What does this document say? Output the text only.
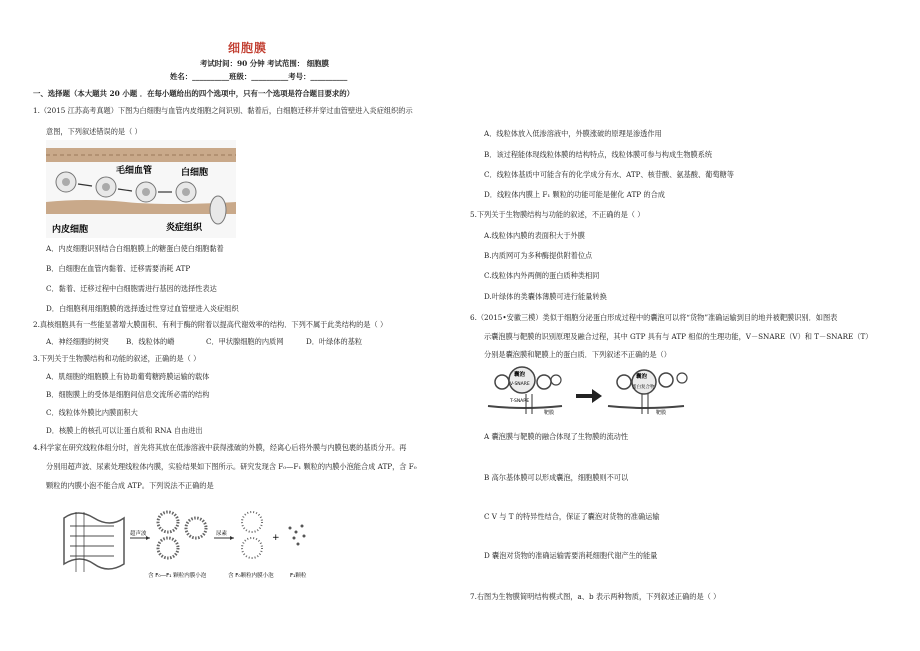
细胞膜
考试时间：90 分钟 考试范围： 细胞膜
姓名：__________班级：__________考号：__________
一、选择题（本大题共 20 小题 ．在每小题给出的四个选项中，只有一个选项是符合题目要求的）
1.（2015 江苏高考真题）下图为白细胞与血管内皮细胞之间识别、黏着后，白细胞迁移并穿过血管壁进入炎症组织的示
意图，下列叙述错误的是（ ）
毛细血管	白细胞
内皮细胞	炎症组织
A．内皮细胞识别结合白细胞膜上的糖蛋白使白细胞黏着
B．白细胞在血管内黏着、迁移需要消耗 ATP
C．黏着、迁移过程中白细胞需进行基因的选择性表达
D．白细胞利用细胞膜的选择透过性穿过血管壁进入炎症组织
2.真核细胞具有一些能显著增大膜面积、有利于酶的附着以提高代谢效率的结构．下列不属于此类结构的是（ ）
A．神经细胞的树突 B．线粒体的嵴	C．甲状腺细胞的内质网	D．叶绿体的基粒
3.下列关于生物膜结构和功能的叙述，正确的是（ ）
A．肌细胞的细胞膜上有协助葡萄糖跨膜运输的载体
B．细胞膜上的受体是细胞间信息交流所必需的结构
C．线粒体外膜比内膜面积大
D．核膜上的核孔可以让蛋白质和 RNA 自由进出
4.科学家在研究线粒体组分时，首先将其放在低渗溶液中获得涨破的外膜，经离心后将外膜与内膜包裹的基质分开。再
分别用超声波、尿素处理线粒体内膜，实验结果如下图所示。研究发现含 F₀—F₁ 颗粒的内膜小泡能合成 ATP，含 F₀
颗粒的内膜小泡不能合成 ATP。下列说法不正确的是
超声波	尿素	+
含 F₀—F₁ 颗粒内膜小泡	含 F₀颗粒内膜小泡	F₁颗粒
A．线粒体放入低渗溶液中，外膜涨破的原理是渗透作用
B．该过程能体现线粒体膜的结构特点，线粒体膜可参与构成生物膜系统
C．线粒体基质中可能含有的化学成分有水、ATP、核苷酸、氨基酸、葡萄糖等
D．线粒体内膜上 F₁ 颗粒的功能可能是催化 ATP 的合成
5.下列关于生物膜结构与功能的叙述，不正确的是（ ）
A.线粒体内膜的表面积大于外膜
B.内质网可为多种酶提供附着位点
C.线粒体内外两侧的蛋白质种类相同
D.叶绿体的类囊体薄膜可进行能量转换
6.（2015•安徽三模）类似于细胞分泌蛋白形成过程中的囊泡可以将“货物”准确运输到目的地并被靶膜识别．如图表
示囊泡膜与靶膜的识别原理及融合过程，其中 GTP 具有与 ATP 相似的生理功能，V－SNARE（V）和 T－SNARE（T）
分别是囊泡膜和靶膜上的蛋白质．下列叙述不正确的是（）
囊泡
V-SNARE
T-SNARE
靶膜
囊泡
蛋白复合物
靶膜
A 囊泡膜与靶膜的融合体现了生物膜的流动性
B 高尔基体膜可以形成囊泡，细胞膜则不可以
C V 与 T 的特异性结合，保证了囊泡对货物的准确运输
D 囊泡对货物的准确运输需要消耗细胞代谢产生的能量
7.右图为生物膜简明结构模式图，a、b 表示两种物质，下列叙述正确的是（ ）
